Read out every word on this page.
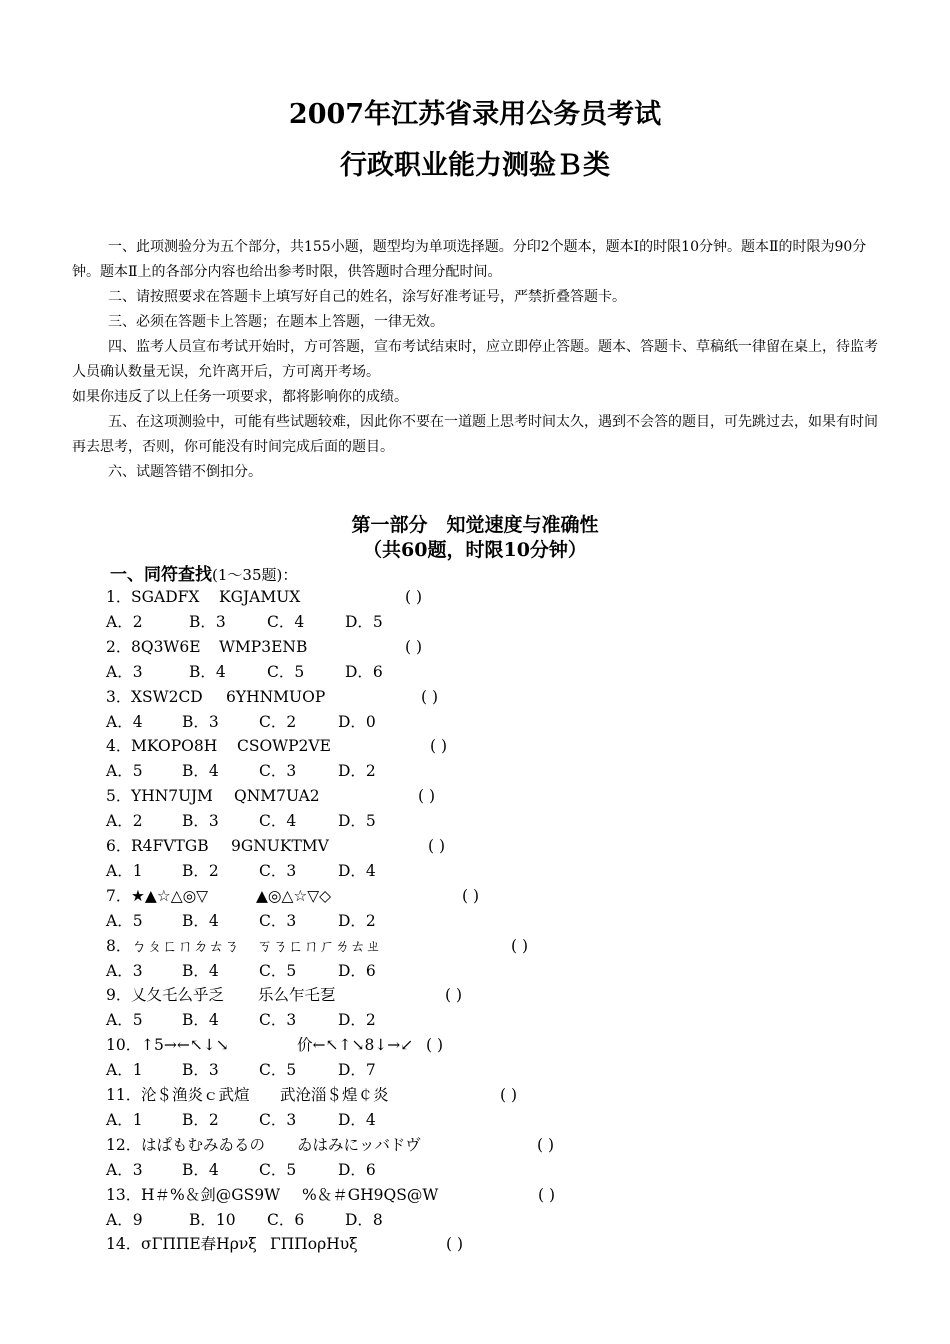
2007年江苏省录用公务员考试
行政职业能力测验Ｂ类

一、此项测验分为五个部分，共155小题，题型均为单项选择题。分印2个题本，题本Ⅰ的时限10分钟。题本Ⅱ的时限为90分钟。题本Ⅱ上的各部分内容也给出参考时限，供答题时合理分配时间。

二、请按照要求在答题卡上填写好自己的姓名，涂写好准考证号，严禁折叠答题卡。

三、必须在答题卡上答题；在题本上答题，一律无效。

四、监考人员宣布考试开始时，方可答题，宣布考试结束时，应立即停止答题。题本、答题卡、草稿纸一律留在桌上，待监考人员确认数量无误，允许离开后，方可离开考场。

如果你违反了以上任务一项要求，都将影响你的成绩。

五、在这项测验中，可能有些试题较难，因此你不要在一道题上思考时间太久，遇到不会答的题目，可先跳过去，如果有时间再去思考，否则，你可能没有时间完成后面的题目。

六、试题答错不倒扣分。

第一部分　知觉速度与准确性
（共60题，时限10分钟）
一、同符查找(1～35题)：
1． SGADFX KGJAMUX	( )
A．2	B．3	C．4	D．5
2． 8Q3W6E WMP3ENB	( )
A．3	B．4	C．5	D．6
3． XSW2CD 6YHNMUOP	( )
A．4	B．3	C．2	D．0
4． MKOPO8H CSOWP2VE	( )
A．5	B．4	C．3	D．2
5． YHN7UJM QNM7UA2	( )
A．2	B．3	C．4	D．5
6． R4FVTGB 9GNUKTMV	( )
A．1	B．2	C．3	D．4
7． ★▲☆△◎▽	▲◎△☆▽◇	( )
A．5	B．4	C．3	D．2
8． ㄅㄆㄈㄇㄉㄊㄋ ㄎㄋㄈㄇㄏㄌㄊㄓ	( )
A．3	B．4	C．5	D．6
9． 乂夂乇么乎乏 乐么乍乇乭	( )
A．5	B．4	C．3	D．2
10． ↑5→←↖↓↘	价←↖↑↘8↓→↙ ( )
A．1	B．3	C．5	D．7
11． 沦＄渔炎ｃ武煊 武沧淄＄煌￠炎	( )
A．1	B．2	C．3	D．4
12． はぱもむみゐるの ゐはみにッバドヴ	( )
A．3	B．4	C．5	D．6
13． H＃%＆剑@GS9W %＆＃GH9QS@W	( )
A．9	B．10 C．6	D．8
14． σΓΠΠΕ春Ηρνξ ΓΠΠορΗυξ	( )
